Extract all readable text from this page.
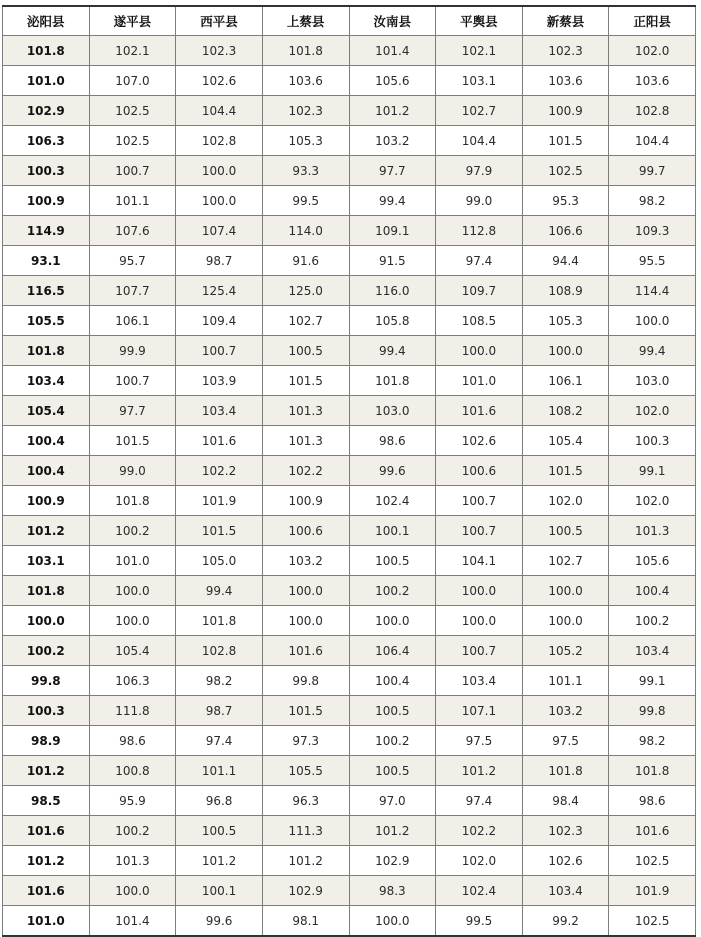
泌阳县	遂平县	西平县	上蔡县	汝南县	平舆县	新蔡县	正阳县
101.8	102.1	102.3	101.8	101.4	102.1	102.3	102.0
101.0	107.0	102.6	103.6	105.6	103.1	103.6	103.6
102.9	102.5	104.4	102.3	101.2	102.7	100.9	102.8
106.3	102.5	102.8	105.3	103.2	104.4	101.5	104.4
100.3	100.7	100.0	93.3	97.7	97.9	102.5	99.7
100.9	101.1	100.0	99.5	99.4	99.0	95.3	98.2
114.9	107.6	107.4	114.0	109.1	112.8	106.6	109.3
93.1	95.7	98.7	91.6	91.5	97.4	94.4	95.5
116.5	107.7	125.4	125.0	116.0	109.7	108.9	114.4
105.5	106.1	109.4	102.7	105.8	108.5	105.3	100.0
101.8	99.9	100.7	100.5	99.4	100.0	100.0	99.4
103.4	100.7	103.9	101.5	101.8	101.0	106.1	103.0
105.4	97.7	103.4	101.3	103.0	101.6	108.2	102.0
100.4	101.5	101.6	101.3	98.6	102.6	105.4	100.3
100.4	99.0	102.2	102.2	99.6	100.6	101.5	99.1
100.9	101.8	101.9	100.9	102.4	100.7	102.0	102.0
101.2	100.2	101.5	100.6	100.1	100.7	100.5	101.3
103.1	101.0	105.0	103.2	100.5	104.1	102.7	105.6
101.8	100.0	99.4	100.0	100.2	100.0	100.0	100.4
100.0	100.0	101.8	100.0	100.0	100.0	100.0	100.2
100.2	105.4	102.8	101.6	106.4	100.7	105.2	103.4
99.8	106.3	98.2	99.8	100.4	103.4	101.1	99.1
100.3	111.8	98.7	101.5	100.5	107.1	103.2	99.8
98.9	98.6	97.4	97.3	100.2	97.5	97.5	98.2
101.2	100.8	101.1	105.5	100.5	101.2	101.8	101.8
98.5	95.9	96.8	96.3	97.0	97.4	98.4	98.6
101.6	100.2	100.5	111.3	101.2	102.2	102.3	101.6
101.2	101.3	101.2	101.2	102.9	102.0	102.6	102.5
101.6	100.0	100.1	102.9	98.3	102.4	103.4	101.9
101.0	101.4	99.6	98.1	100.0	99.5	99.2	102.5
